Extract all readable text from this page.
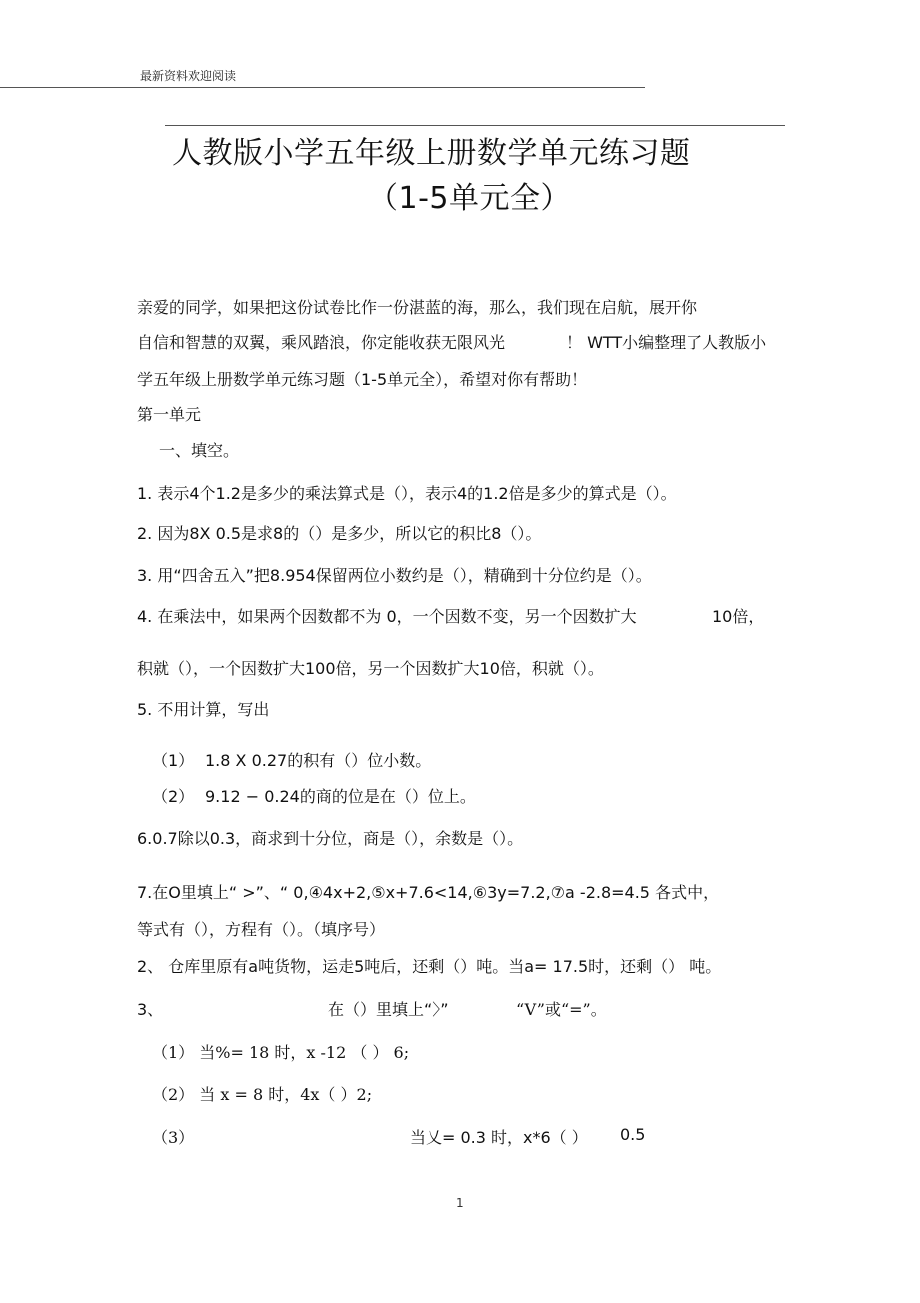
最新资料欢迎阅读
人教版小学五年级上册数学单元练习题
（1-5单元全）
亲爱的同学，如果把这份试卷比作一份湛蓝的海，那么，我们现在启航，展开你
自信和智慧的双翼，乘风踏浪，你定能收获无限风光	！ WTT小编整理了人教版小
学五年级上册数学单元练习题（1-5单元全），希望对你有帮助！
第一单元
一、填空。
1. 表示4个1.2是多少的乘法算式是（），表示4的1.2倍是多少的算式是（）。
2. 因为8X 0.5是求8的（）是多少，所以它的积比8（）。
3. 用“四舍五入”把8.954保留两位小数约是（），精确到十分位约是（）。
4. 在乘法中，如果两个因数都不为 0，一个因数不变，另一个因数扩大	10倍，
积就（），一个因数扩大100倍，另一个因数扩大10倍，积就（）。
5. 不用计算，写出
（1） 1.8 X 0.27的积有（）位小数。
（2） 9.12 − 0.24的商的位是在（）位上。
6.0.7除以0.3，商求到十分位，商是（），余数是（）。
7.在O里填上“ >”、“ 0,④4x+2,⑤x+7.6<14,⑥3y=7.2,⑦a -2.8=4.5 各式中，
等式有（），方程有（）。（填序号）
2、 仓库里原有a吨货物，运走5吨后，还剩（）吨。当a= 17.5时，还剩（） 吨。
3、	在（）里填上“〉”	“V”或“=”。
（1） 当%= 18 时，x -12 （ ） 6;
（2） 当 x = 8 时，4x（ ）2;
（3）	当乂= 0.3 时，x*6（ ） 0.5
1
